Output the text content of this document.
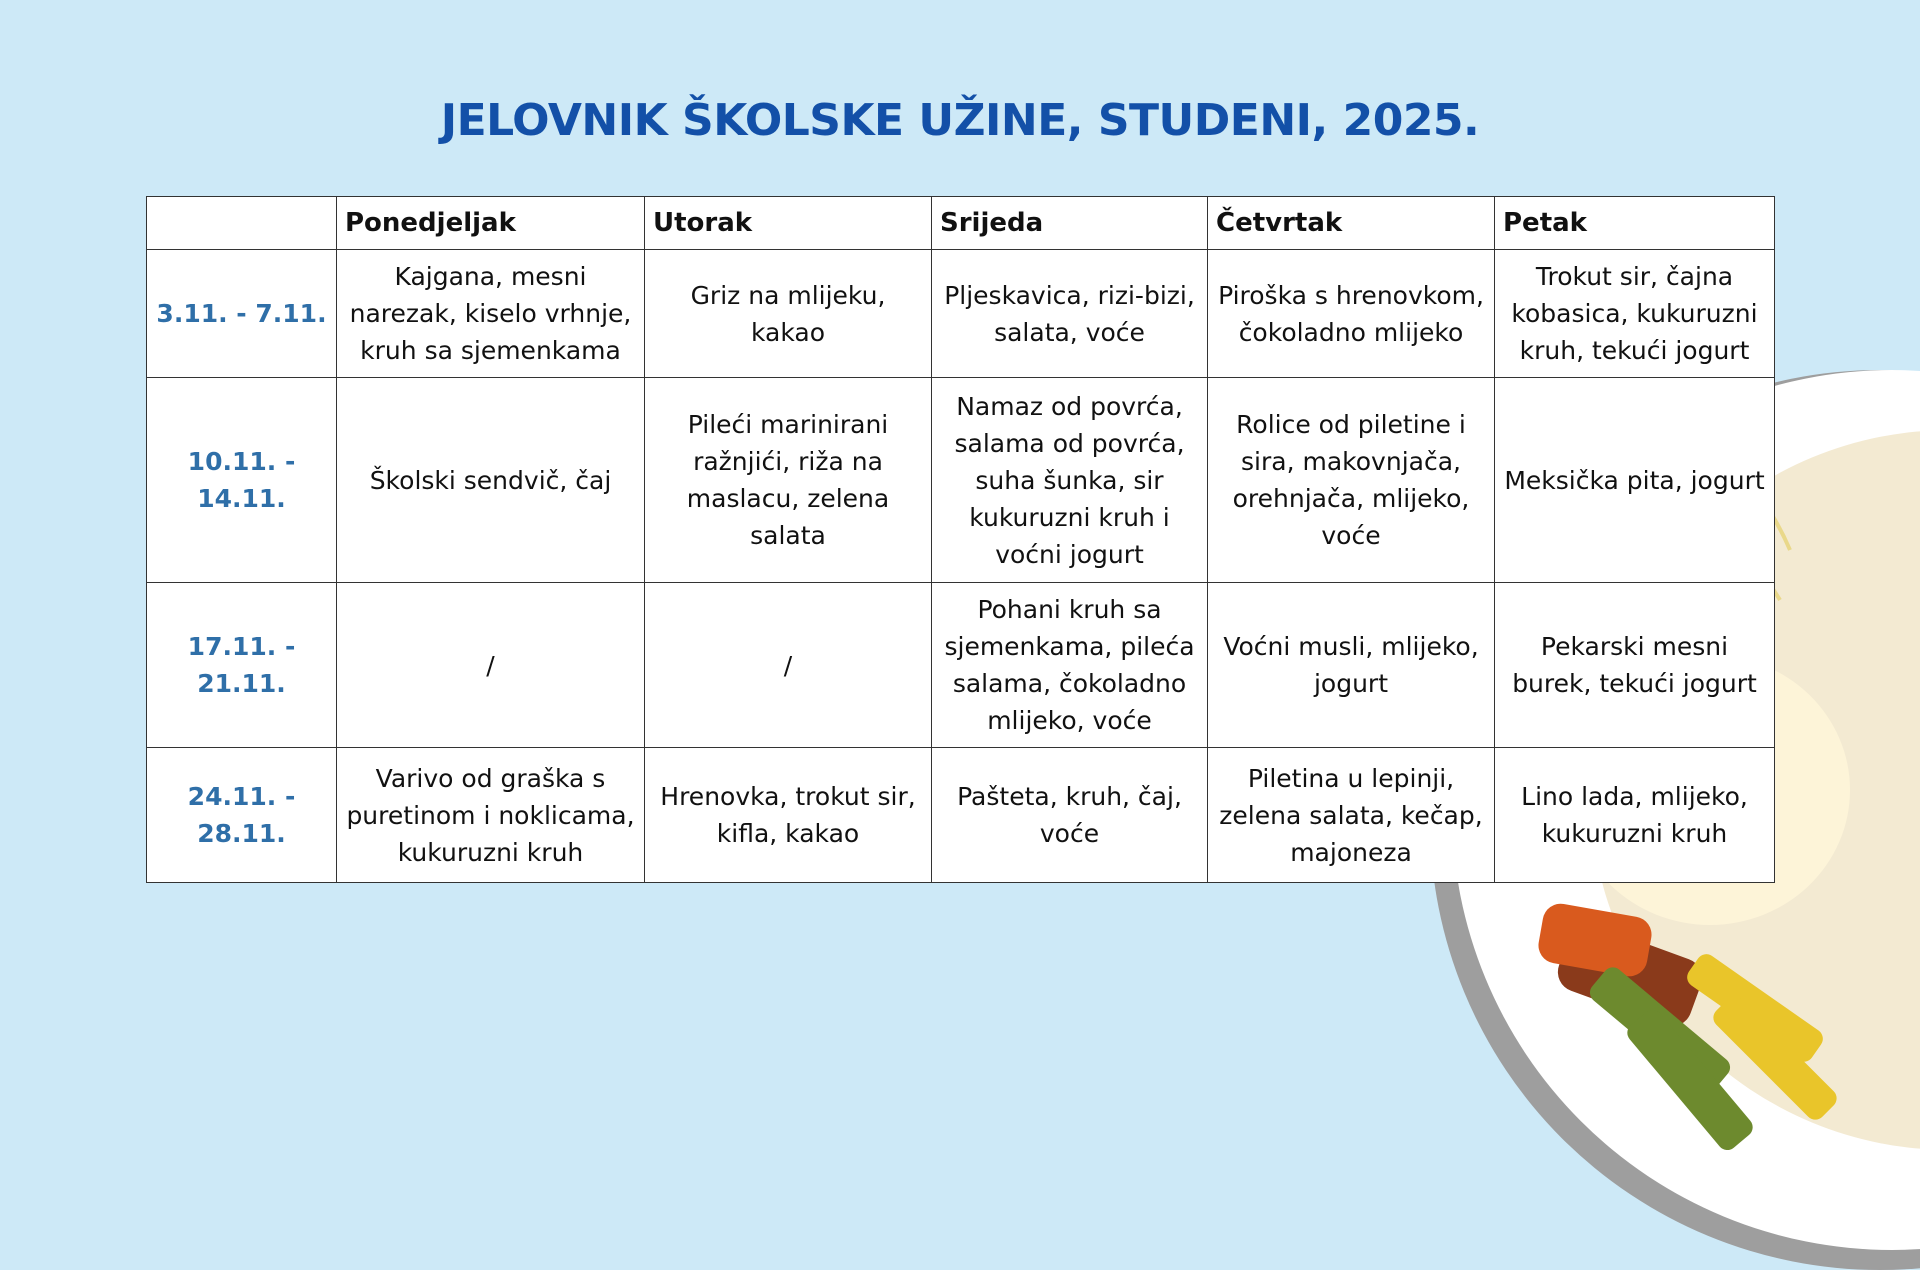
JELOVNIK ŠKOLSKE UŽINE, STUDENI, 2025.
	Ponedjeljak	Utorak	Srijeda	Četvrtak	Petak
3.11. - 7.11.	Kajgana, mesni narezak, kiselo vrhnje, kruh sa sjemenkama	Griz na mlijeku, kakao	Pljeskavica, rizi-bizi, salata, voće	Piroška s hrenovkom, čokoladno mlijeko	Trokut sir, čajna kobasica, kukuruzni kruh, tekući jogurt
10.11. - 14.11.	Školski sendvič, čaj	Pileći marinirani ražnjići, riža na maslacu, zelena salata	Namaz od povrća, salama od povrća, suha šunka, sir kukuruzni kruh i voćni jogurt	Rolice od piletine i sira, makovnjača, orehnjača, mlijeko, voće	Meksička pita, jogurt
17.11. - 21.11.	/	/	Pohani kruh sa sjemenkama, pileća salama, čokoladno mlijeko, voće	Voćni musli, mlijeko, jogurt	Pekarski mesni burek, tekući jogurt
24.11. - 28.11.	Varivo od graška s puretinom i noklicama, kukuruzni kruh	Hrenovka, trokut sir, kifla, kakao	Pašteta, kruh, čaj, voće	Piletina u lepinji, zelena salata, kečap, majoneza	Lino lada, mlijeko, kukuruzni kruh
